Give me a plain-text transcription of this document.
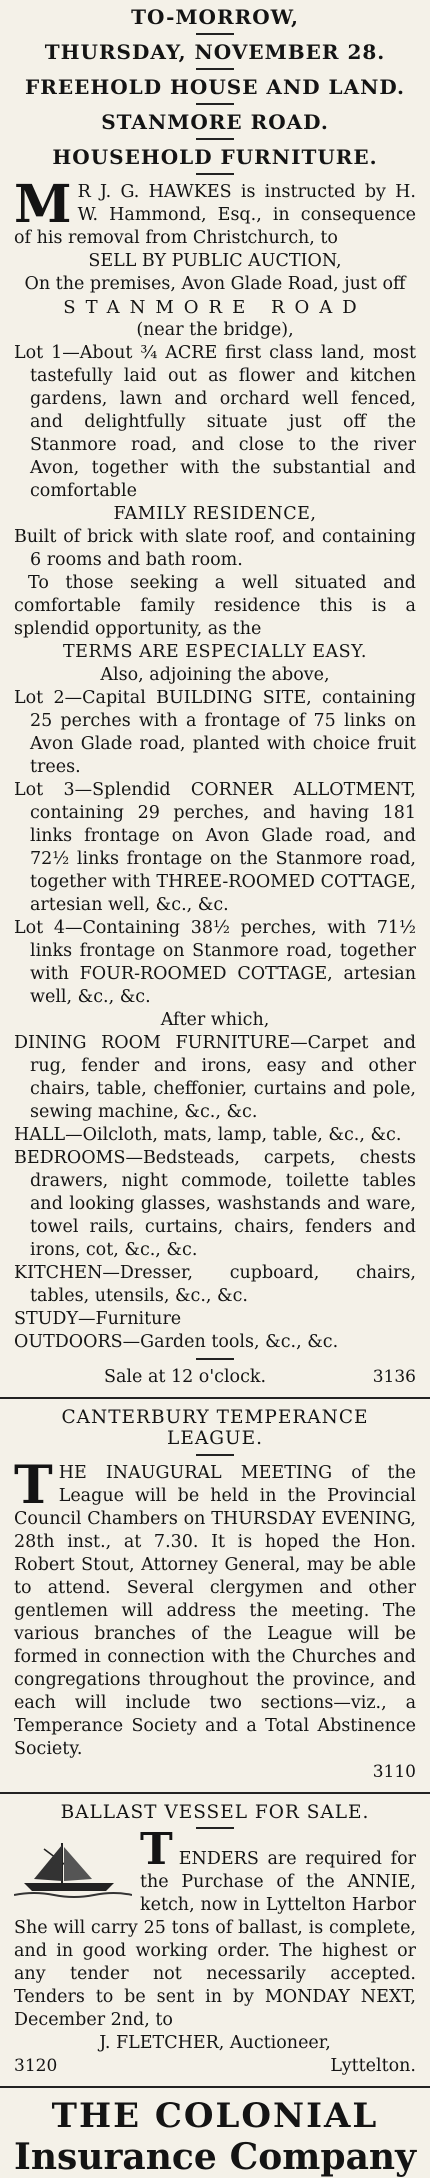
TO-MORROW,

THURSDAY, NOVEMBER 28.

FREEHOLD HOUSE AND LAND.

STANMORE ROAD.

HOUSEHOLD FURNITURE.

M R J. G. HAWKES is instructed by H. W. Hammond, Esq., in consequence of his removal from Christchurch, to

SELL BY PUBLIC AUCTION,

On the premises, Avon Glade Road, just off

STANMORE ROAD

(near the bridge),

Lot 1—About ¾ ACRE first class land, most tastefully laid out as flower and kitchen gardens, lawn and orchard well fenced, and delightfully situate just off the Stanmore road, and close to the river Avon, together with the substantial and comfortable

FAMILY RESIDENCE,

Built of brick with slate roof, and containing 6 rooms and bath room.

To those seeking a well situated and comfortable family residence this is a splendid opportunity, as the

TERMS ARE ESPECIALLY EASY.

Also, adjoining the above,

Lot 2—Capital BUILDING SITE, containing 25 perches with a frontage of 75 links on Avon Glade road, planted with choice fruit trees.

Lot 3—Splendid CORNER ALLOTMENT, containing 29 perches, and having 181 links frontage on Avon Glade road, and 72½ links frontage on the Stanmore road, together with THREE-ROOMED COTTAGE, artesian well, &c., &c.

Lot 4—Containing 38½ perches, with 71½ links frontage on Stanmore road, together with FOUR-ROOMED COTTAGE, artesian well, &c., &c.

After which,

DINING ROOM FURNITURE—Carpet and rug, fender and irons, easy and other chairs, table, cheffonier, curtains and pole, sewing machine, &c., &c.

HALL—Oilcloth, mats, lamp, table, &c., &c.

BEDROOMS—Bedsteads, carpets, chests drawers, night commode, toilette tables and looking glasses, washstands and ware, towel rails, curtains, chairs, fenders and irons, cot, &c., &c.

KITCHEN—Dresser, cupboard, chairs, tables, utensils, &c., &c.

STUDY—Furniture

OUTDOORS—Garden tools, &c., &c.

Sale at 12 o'clock.	3136

CANTERBURY TEMPERANCE LEAGUE.

T HE INAUGURAL MEETING of the League will be held in the Provincial Council Chambers on THURSDAY EVENING, 28th inst., at 7.30. It is hoped the Hon. Robert Stout, Attorney General, may be able to attend. Several clergymen and other gentlemen will address the meeting. The various branches of the League will be formed in connection with the Churches and congregations throughout the province, and each will include two sections—viz., a Temperance Society and a Total Abstinence Society.

3110

BALLAST VESSEL FOR SALE.

T ENDERS are required for the Purchase of the ANNIE, ketch, now in Lyttelton Harbor She will carry 25 tons of ballast, is complete, and in good working order. The highest or any tender not necessarily accepted. Tenders to be sent in by MONDAY NEXT, December 2nd, to

J. FLETCHER, Auctioneer,

3120	Lyttelton.

THE COLONIAL

Insurance Company
